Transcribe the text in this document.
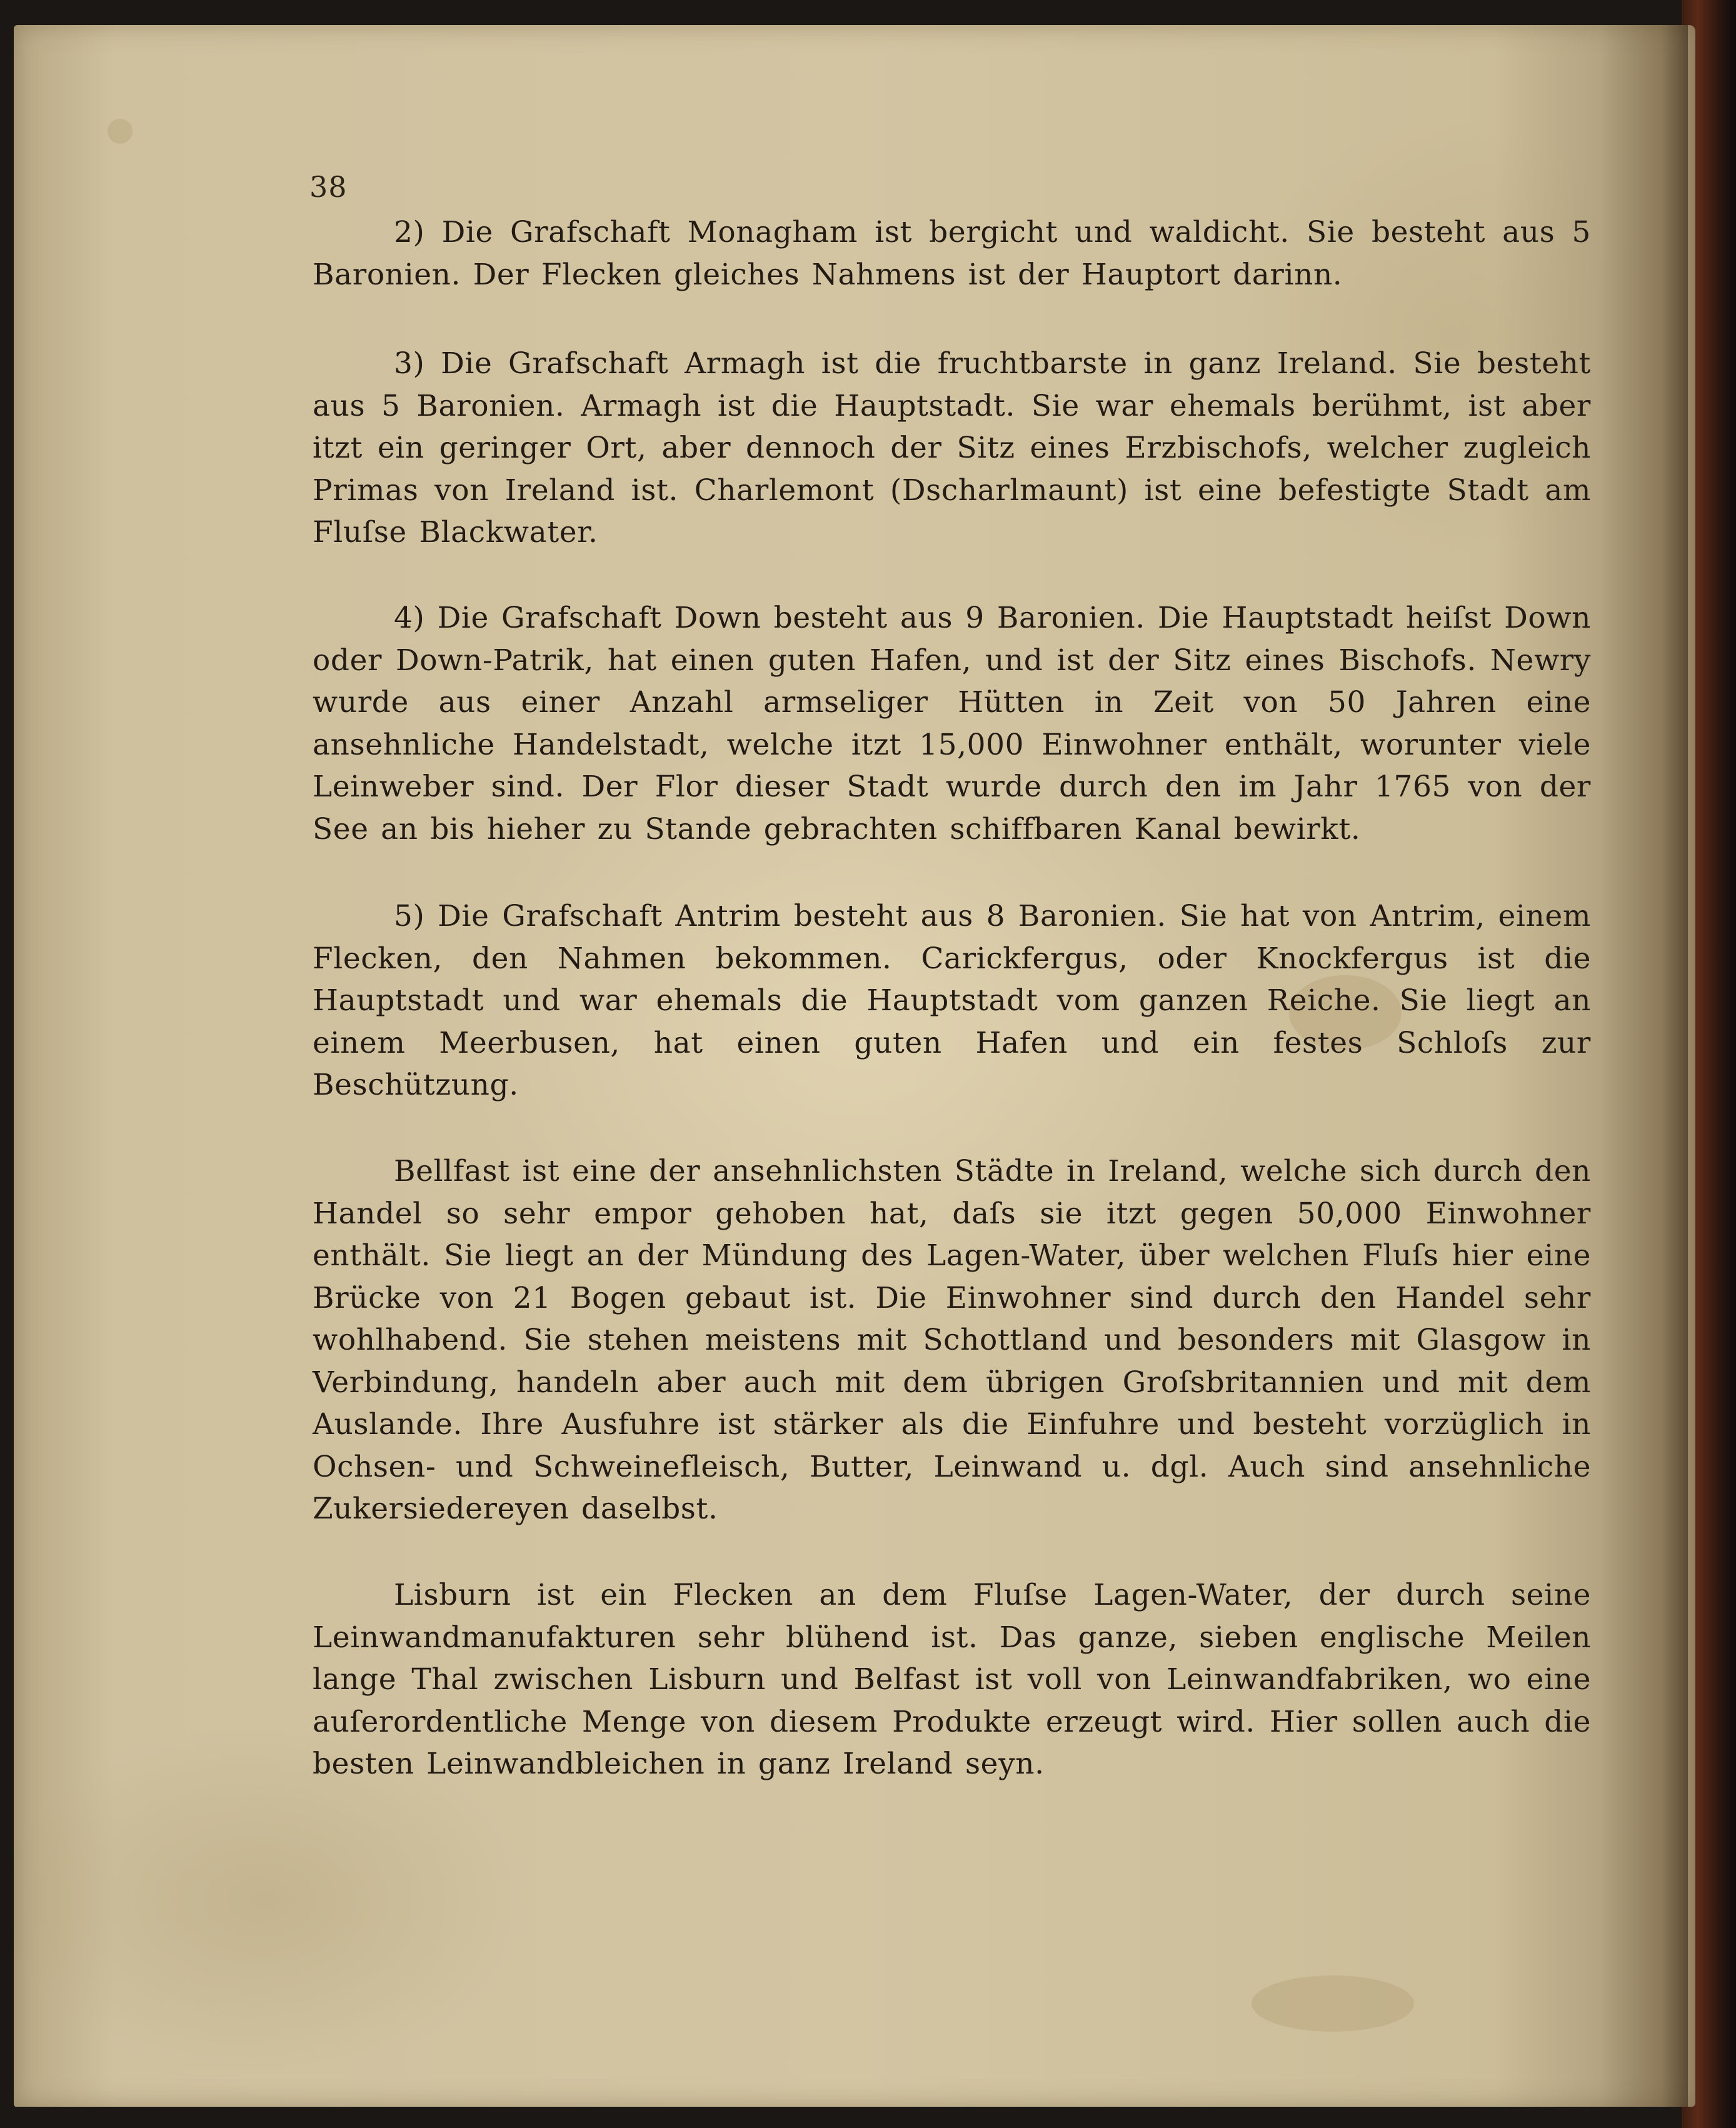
38

2) Die Grafschaft Monagham ist bergicht und waldicht. Sie besteht aus 5 Baronien. Der Flecken gleiches Nahmens ist der Hauptort darinn.

3) Die Grafschaft Armagh ist die fruchtbarste in ganz Ireland. Sie besteht aus 5 Baronien. Armagh ist die Hauptstadt. Sie war ehemals berühmt, ist aber itzt ein geringer Ort, aber dennoch der Sitz eines Erzbischofs, welcher zugleich Primas von Ireland ist. Charlemont (Dscharlmaunt) ist eine befestigte Stadt am Fluſse Blackwater.

4) Die Grafschaft Down besteht aus 9 Baronien. Die Hauptstadt heiſst Down oder Down-Patrik, hat einen guten Hafen, und ist der Sitz eines Bischofs. Newry wurde aus einer Anzahl armseliger Hütten in Zeit von 50 Jahren eine ansehnliche Handelstadt, welche itzt 15,000 Einwohner enthält, worunter viele Leinweber sind. Der Flor dieser Stadt wurde durch den im Jahr 1765 von der See an bis hieher zu Stande gebrachten schiffbaren Kanal bewirkt.

5) Die Grafschaft Antrim besteht aus 8 Baronien. Sie hat von Antrim, einem Flecken, den Nahmen bekommen. Carickfergus, oder Knockfergus ist die Hauptstadt und war ehemals die Hauptstadt vom ganzen Reiche. Sie liegt an einem Meerbusen, hat einen guten Hafen und ein festes Schloſs zur Beschützung.

Bellfast ist eine der ansehnlichsten Städte in Ireland, welche sich durch den Handel so sehr empor gehoben hat, daſs sie itzt gegen 50,000 Einwohner enthält. Sie liegt an der Mündung des Lagen-Water, über welchen Fluſs hier eine Brücke von 21 Bogen gebaut ist. Die Einwohner sind durch den Handel sehr wohlhabend. Sie stehen meistens mit Schottland und besonders mit Glasgow in Verbindung, handeln aber auch mit dem übrigen Groſsbritannien und mit dem Auslande. Ihre Ausfuhre ist stärker als die Einfuhre und besteht vorzüglich in Ochsen- und Schweinefleisch, Butter, Leinwand u. dgl. Auch sind ansehnliche Zukersiedereyen daselbst.

Lisburn ist ein Flecken an dem Fluſse Lagen-Water, der durch seine Leinwandmanufakturen sehr blühend ist. Das ganze, sieben englische Meilen lange Thal zwischen Lisburn und Belfast ist voll von Leinwandfabriken, wo eine auſerordentliche Menge von diesem Produkte erzeugt wird. Hier sollen auch die besten Leinwandbleichen in ganz Ireland seyn.
